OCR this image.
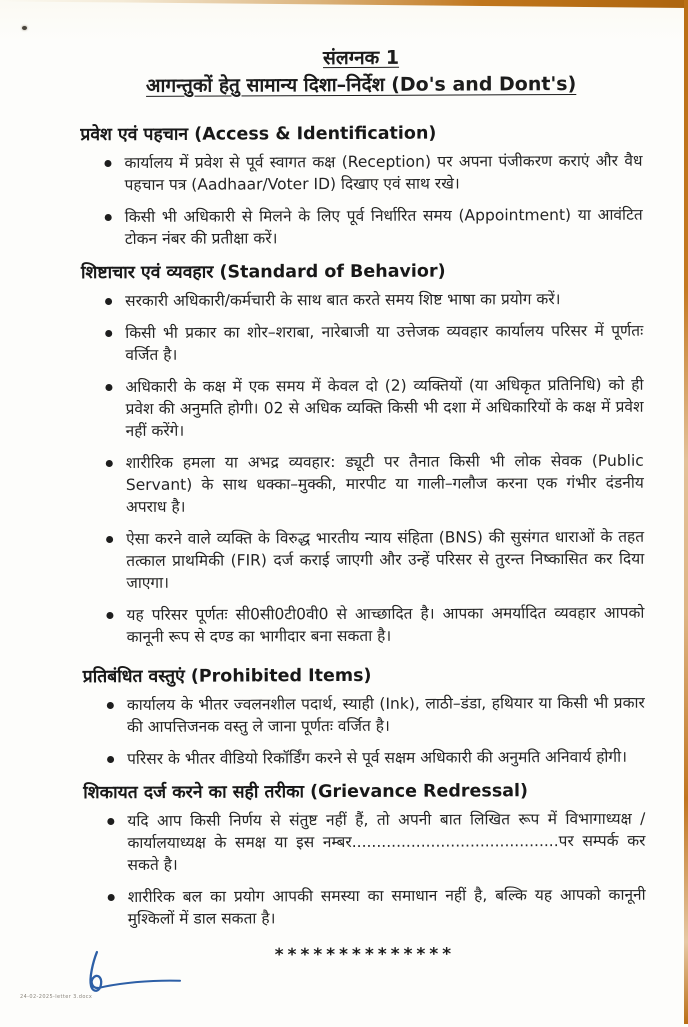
संलग्नक 1
आगन्तुकों हेतु सामान्य दिशा–निर्देश (Do's and Dont's)
प्रवेश एवं पहचान (Access & Identification)
कार्यालय में प्रवेश से पूर्व स्वागत कक्ष (Reception) पर अपना पंजीकरण कराएं और वैध पहचान पत्र (Aadhaar/Voter ID) दिखाए एवं साथ रखे।
किसी भी अधिकारी से मिलने के लिए पूर्व निर्धारित समय (Appointment) या आवंटित टोकन नंबर की प्रतीक्षा करें।
शिष्टाचार एवं व्यवहार (Standard of Behavior)
सरकारी अधिकारी/कर्मचारी के साथ बात करते समय शिष्ट भाषा का प्रयोग करें।
किसी भी प्रकार का शोर–शराबा, नारेबाजी या उत्तेजक व्यवहार कार्यालय परिसर में पूर्णतः वर्जित है।
अधिकारी के कक्ष में एक समय में केवल दो (2) व्यक्तियों (या अधिकृत प्रतिनिधि) को ही प्रवेश की अनुमति होगी। 02 से अधिक व्यक्ति किसी भी दशा में अधिकारियों के कक्ष में प्रवेश नहीं करेंगे।
शारीरिक हमला या अभद्र व्यवहार: ड्यूटी पर तैनात किसी भी लोक सेवक (Public Servant) के साथ धक्का–मुक्की, मारपीट या गाली–गलौज करना एक गंभीर दंडनीय अपराध है।
ऐसा करने वाले व्यक्ति के विरुद्ध भारतीय न्याय संहिता (BNS) की सुसंगत धाराओं के तहत तत्काल प्राथमिकी (FIR) दर्ज कराई जाएगी और उन्हें परिसर से तुरन्त निष्कासित कर दिया जाएगा।
यह परिसर पूर्णतः सी0सी0टी0वी0 से आच्छादित है। आपका अमर्यादित व्यवहार आपको कानूनी रूप से दण्ड का भागीदार बना सकता है।
प्रतिबंधित वस्तुएं (Prohibited Items)
कार्यालय के भीतर ज्वलनशील पदार्थ, स्याही (Ink), लाठी–डंडा, हथियार या किसी भी प्रकार की आपत्तिजनक वस्तु ले जाना पूर्णतः वर्जित है।
परिसर के भीतर वीडियो रिकॉर्डिंग करने से पूर्व सक्षम अधिकारी की अनुमति अनिवार्य होगी।
शिकायत दर्ज करने का सही तरीका (Grievance Redressal)
यदि आप किसी निर्णय से संतुष्ट नहीं हैं, तो अपनी बात लिखित रूप में विभागाध्यक्ष / कार्यालयाध्यक्ष के समक्ष या इस नम्बर..........................................पर सम्पर्क कर सकते है।
शारीरिक बल का प्रयोग आपकी समस्या का समाधान नहीं है, बल्कि यह आपको कानूनी मुश्किलों में डाल सकता है।
**************
24-02-2025-letter 3.docx
